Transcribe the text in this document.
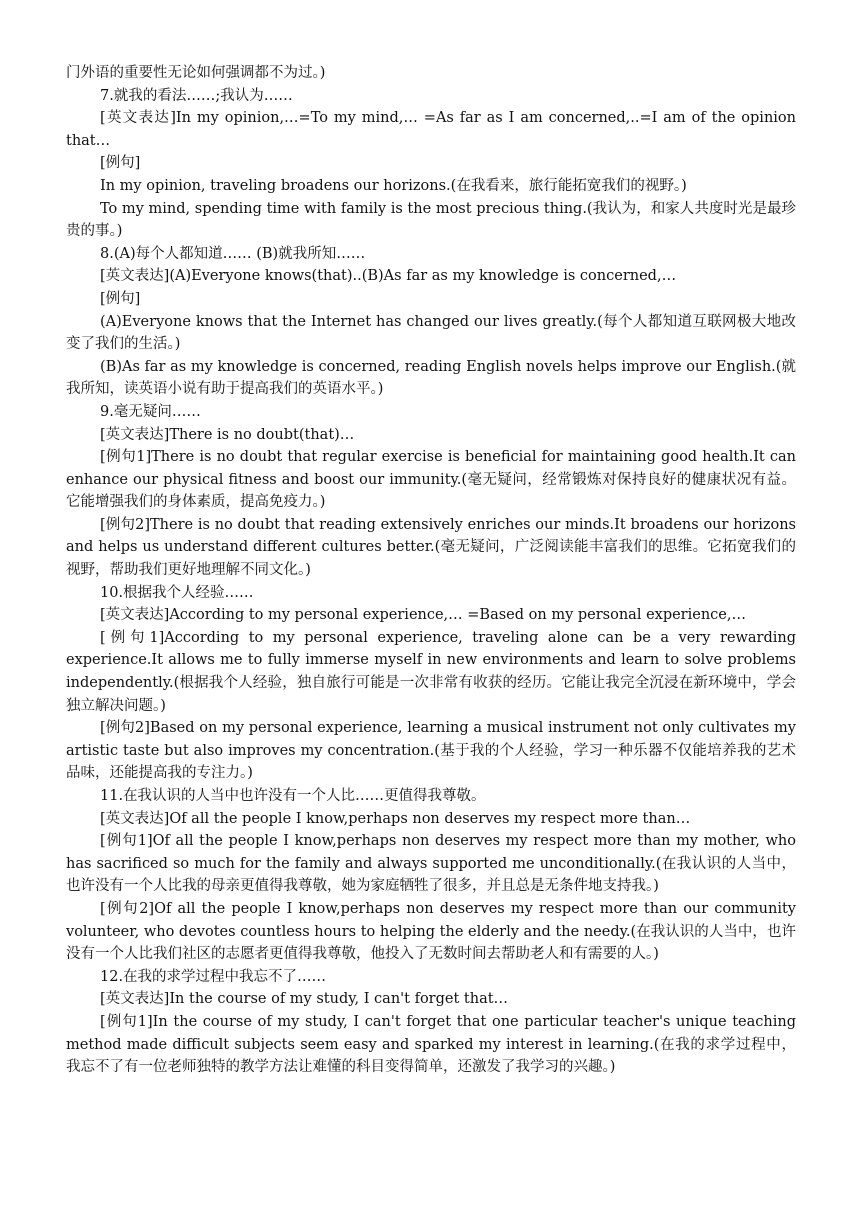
门外语的重要性无论如何强调都不为过。)

7.就我的看法……;我认为……

[英文表达]In my opinion,…=To my mind,… =As far as I am concerned,..=I am of the opinion that…

[例句]

In my opinion, traveling broadens our horizons.(在我看来，旅行能拓宽我们的视野。)

To my mind, spending time with family is the most precious thing.(我认为，和家人共度时光是最珍贵的事。)

8.(A)每个人都知道…… (B)就我所知……

[英文表达](A)Everyone knows(that)..(B)As far as my knowledge is concerned,…

[例句]

(A)Everyone knows that the Internet has changed our lives greatly.(每个人都知道互联网极大地改变了我们的生活。)

(B)As far as my knowledge is concerned, reading English novels helps improve our English.(就我所知，读英语小说有助于提高我们的英语水平。)

9.毫无疑问……

[英文表达]There is no doubt(that)…

[例句1]There is no doubt that regular exercise is beneficial for maintaining good health.It can enhance our physical fitness and boost our immunity.(毫无疑问，经常锻炼对保持良好的健康状况有益。它能增强我们的身体素质，提高免疫力。)

[例句2]There is no doubt that reading extensively enriches our minds.It broadens our horizons and helps us understand different cultures better.(毫无疑问，广泛阅读能丰富我们的思维。它拓宽我们的视野，帮助我们更好地理解不同文化。)

10.根据我个人经验……

[英文表达]According to my personal experience,… =Based on my personal experience,…

[例句1]According to my personal experience, traveling alone can be a very rewarding experience.It allows me to fully immerse myself in new environments and learn to solve problems independently.(根据我个人经验，独自旅行可能是一次非常有收获的经历。它能让我完全沉浸在新环境中，学会独立解决问题。)

[例句2]Based on my personal experience, learning a musical instrument not only cultivates my artistic taste but also improves my concentration.(基于我的个人经验，学习一种乐器不仅能培养我的艺术品味，还能提高我的专注力。)

11.在我认识的人当中也许没有一个人比……更值得我尊敬。

[英文表达]Of all the people I know,perhaps non deserves my respect more than…

[例句1]Of all the people I know,perhaps non deserves my respect more than my mother, who has sacrificed so much for the family and always supported me unconditionally.(在我认识的人当中，也许没有一个人比我的母亲更值得我尊敬，她为家庭牺牲了很多，并且总是无条件地支持我。)

[例句2]Of all the people I know,perhaps non deserves my respect more than our community volunteer, who devotes countless hours to helping the elderly and the needy.(在我认识的人当中，也许没有一个人比我们社区的志愿者更值得我尊敬，他投入了无数时间去帮助老人和有需要的人。)

12.在我的求学过程中我忘不了……

[英文表达]In the course of my study, I can't forget that…

[例句1]In the course of my study, I can't forget that one particular teacher's unique teaching method made difficult subjects seem easy and sparked my interest in learning.(在我的求学过程中，我忘不了有一位老师独特的教学方法让难懂的科目变得简单，还激发了我学习的兴趣。)
